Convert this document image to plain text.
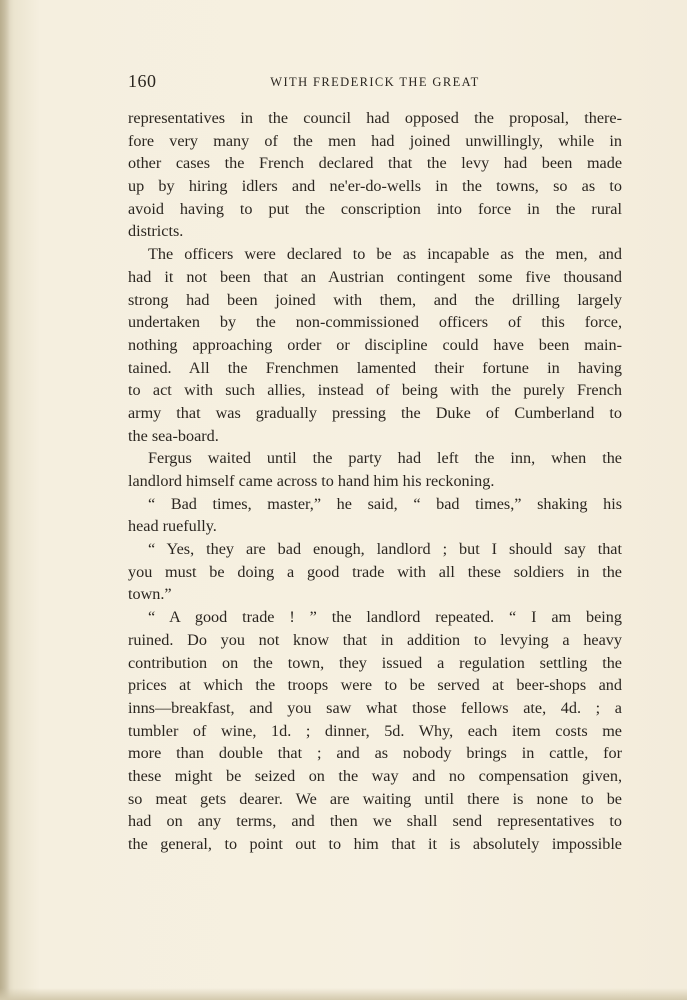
160	WITH FREDERICK THE GREAT
representatives in the council had opposed the proposal, there-
fore very many of the men had joined unwillingly, while in
other cases the French declared that the levy had been made
up by hiring idlers and ne'er-do-wells in the towns, so as to
avoid having to put the conscription into force in the rural
districts.
The officers were declared to be as incapable as the men, and
had it not been that an Austrian contingent some five thousand
strong had been joined with them, and the drilling largely
undertaken by the non-commissioned officers of this force,
nothing approaching order or discipline could have been main-
tained. All the Frenchmen lamented their fortune in having
to act with such allies, instead of being with the purely French
army that was gradually pressing the Duke of Cumberland to
the sea-board.
Fergus waited until the party had left the inn, when the
landlord himself came across to hand him his reckoning.
“ Bad times, master,” he said, “ bad times,” shaking his
head ruefully.
“ Yes, they are bad enough, landlord ; but I should say that
you must be doing a good trade with all these soldiers in the
town.”
“ A good trade ! ” the landlord repeated. “ I am being
ruined. Do you not know that in addition to levying a heavy
contribution on the town, they issued a regulation settling the
prices at which the troops were to be served at beer-shops and
inns—breakfast, and you saw what those fellows ate, 4d. ; a
tumbler of wine, 1d. ; dinner, 5d. Why, each item costs me
more than double that ; and as nobody brings in cattle, for
these might be seized on the way and no compensation given,
so meat gets dearer. We are waiting until there is none to be
had on any terms, and then we shall send representatives to
the general, to point out to him that it is absolutely impossible
